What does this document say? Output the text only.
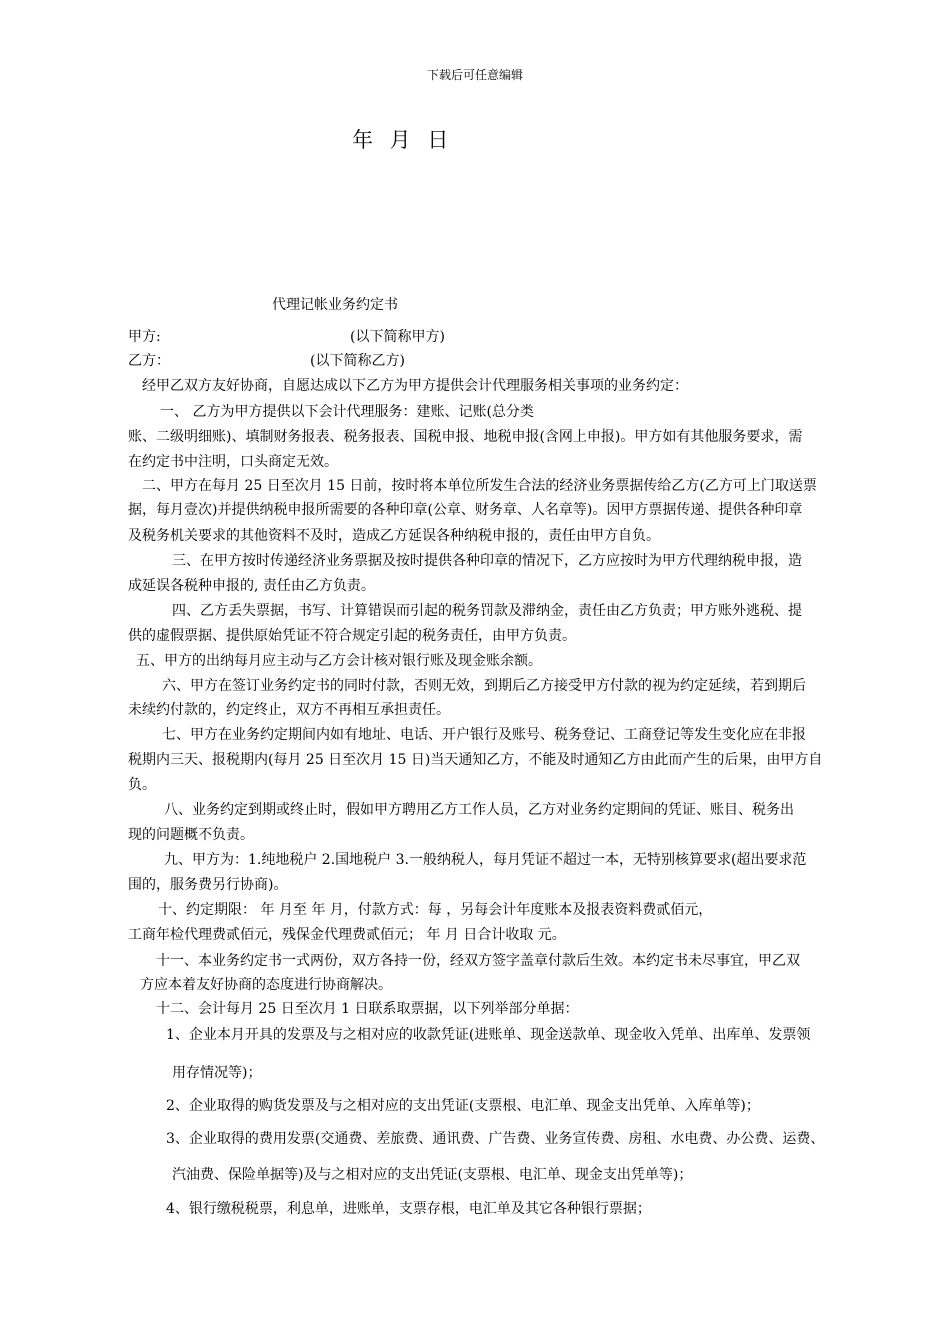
下载后可任意编辑
年 月 日
代理记帐业务约定书
甲方:	(以下简称甲方)
乙方：	(以下简称乙方)
经甲乙双方友好协商，自愿达成以下乙方为甲方提供会计代理服务相关事项的业务约定：
一、 乙方为甲方提供以下会计代理服务：建账、记账(总分类
账、二级明细账)、填制财务报表、税务报表、国税申报、地税申报(含网上申报)。甲方如有其他服务要求，需
在约定书中注明，口头商定无效。
二、甲方在每月 25 日至次月 15 日前，按时将本单位所发生合法的经济业务票据传给乙方(乙方可上门取送票
据，每月壹次)并提供纳税申报所需要的各种印章(公章、财务章、人名章等)。因甲方票据传递、提供各种印章
及税务机关要求的其他资料不及时，造成乙方延误各种纳税申报的，责任由甲方自负。
三、在甲方按时传递经济业务票据及按时提供各种印章的情况下，乙方应按时为甲方代理纳税申报，造
成延误各税种申报的, 责任由乙方负责。
四、乙方丢失票据，书写、计算错误而引起的税务罚款及滞纳金，责任由乙方负责；甲方账外逃税、提
供的虚假票据、提供原始凭证不符合规定引起的税务责任，由甲方负责。
五、甲方的出纳每月应主动与乙方会计核对银行账及现金账余额。
六、甲方在签订业务约定书的同时付款，否则无效，到期后乙方接受甲方付款的视为约定延续，若到期后
未续约付款的，约定终止，双方不再相互承担责任。
七、甲方在业务约定期间内如有地址、电话、开户银行及账号、税务登记、工商登记等发生变化应在非报
税期内三天、报税期内(每月 25 日至次月 15 日)当天通知乙方，不能及时通知乙方由此而产生的后果，由甲方自
负。
八、业务约定到期或终止时，假如甲方聘用乙方工作人员，乙方对业务约定期间的凭证、账目、税务出
现的问题概不负责。
九、甲方为：1.纯地税户 2.国地税户 3.一般纳税人，每月凭证不超过一本，无特别核算要求(超出要求范
围的，服务费另行协商)。
十、约定期限： 年 月至 年 月，付款方式：每 ，另每会计年度账本及报表资料费贰佰元，
工商年检代理费贰佰元，残保金代理费贰佰元； 年 月 日合计收取 元。
十一、本业务约定书一式两份，双方各持一份，经双方签字盖章付款后生效。本约定书未尽事宜，甲乙双
方应本着友好协商的态度进行协商解决。
十二、会计每月 25 日至次月 1 日联系取票据，以下列举部分单据：
1、企业本月开具的发票及与之相对应的收款凭证(进账单、现金送款单、现金收入凭单、出库单、发票领
用存情况等)；
2、企业取得的购货发票及与之相对应的支出凭证(支票根、电汇单、现金支出凭单、入库单等)；
3、企业取得的费用发票(交通费、差旅费、通讯费、广告费、业务宣传费、房租、水电费、办公费、运费、
汽油费、保险单据等)及与之相对应的支出凭证(支票根、电汇单、现金支出凭单等)；
4、银行缴税税票，利息单，进账单，支票存根，电汇单及其它各种银行票据；
